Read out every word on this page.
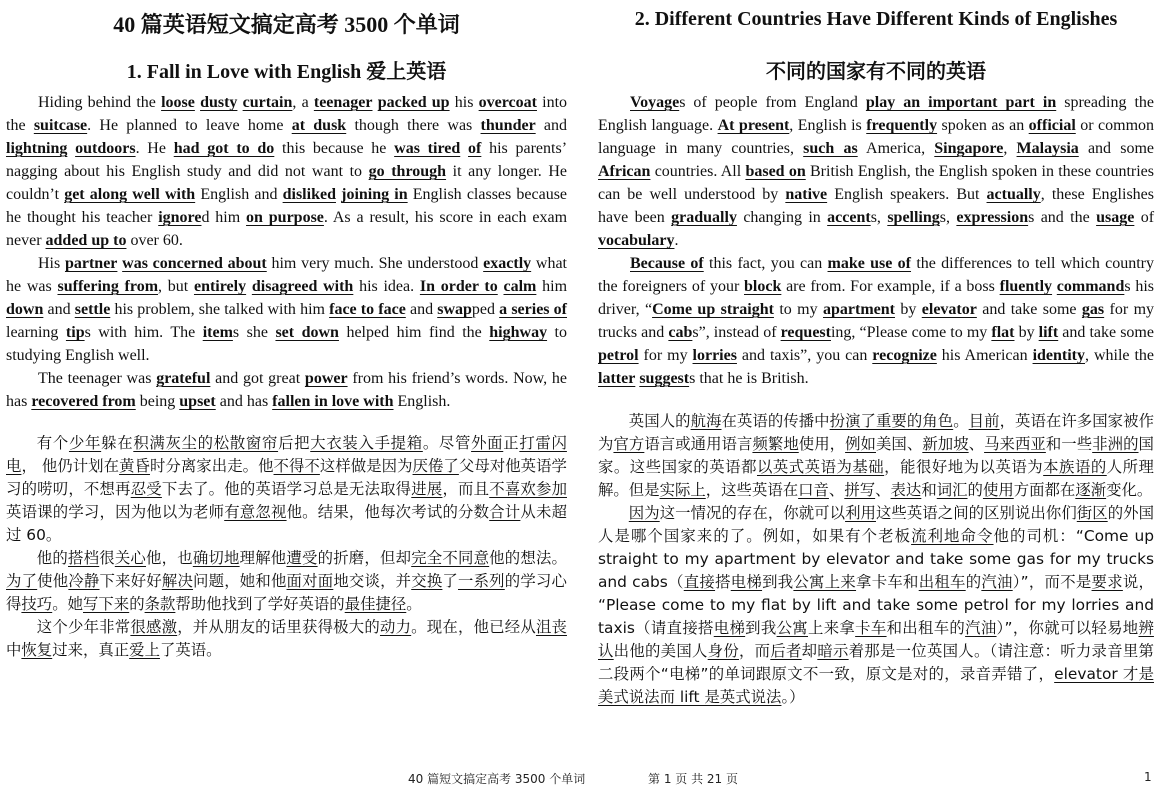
40 篇英语短文搞定高考 3500 个单词
1. Fall in Love with English 爱上英语
2. Different Countries Have Different Kinds of Englishes
不同的国家有不同的英语

Hiding behind the loose dusty curtain, a teenager packed up his overcoat into the suitcase. He planned to leave home at dusk though there was thunder and lightning outdoors. He had got to do this because he was tired of his parents’ nagging about his English study and did not want to go through it any longer. He couldn’t get along well with English and disliked joining in English classes because he thought his teacher ignored him on purpose. As a result, his score in each exam never added up to over 60.

His partner was concerned about him very much. She understood exactly what he was suffering from, but entirely disagreed with his idea. In order to calm him down and settle his problem, she talked with him face to face and swapped a series of learning tips with him. The items she set down helped him find the highway to studying English well.

The teenager was grateful and got great power from his friend’s words. Now, he has recovered from being upset and has fallen in love with English.

有个少年躲在积满灰尘的松散窗帘后把大衣装入手提箱。尽管外面正打雷闪电， 他仍计划在黄昏时分离家出走。他不得不这样做是因为厌倦了父母对他英语学习的唠叨，不想再忍受下去了。他的英语学习总是无法取得进展，而且不喜欢参加英语课的学习，因为他以为老师有意忽视他。结果，他每次考试的分数合计从未超过 60。

他的搭档很关心他，也确切地理解他遭受的折磨，但却完全不同意他的想法。为了使他冷静下来好好解决问题，她和他面对面地交谈，并交换了一系列的学习心得技巧。她写下来的条款帮助他找到了学好英语的最佳捷径。

这个少年非常很感激，并从朋友的话里获得极大的动力。现在，他已经从沮丧中恢复过来，真正爱上了英语。

Voyages of people from England play an important part in spreading the English language. At present, English is frequently spoken as an official or common language in many countries, such as America, Singapore, Malaysia and some African countries. All based on British English, the English spoken in these countries can be well understood by native English speakers. But actually, these Englishes have been gradually changing in accents, spellings, expressions and the usage of vocabulary.

Because of this fact, you can make use of the differences to tell which country the foreigners of your block are from. For example, if a boss fluently commands his driver, “Come up straight to my apartment by elevator and take some gas for my trucks and cabs”, instead of requesting, “Please come to my flat by lift and take some petrol for my lorries and taxis”, you can recognize his American identity, while the latter suggests that he is British.

英国人的航海在英语的传播中扮演了重要的角色。目前，英语在许多国家被作为官方语言或通用语言频繁地使用，例如美国、新加坡、马来西亚和一些非洲的国家。这些国家的英语都以英式英语为基础，能很好地为以英语为本族语的人所理解。但是实际上，这些英语在口音、拼写、表达和词汇的使用方面都在逐渐变化。

因为这一情况的存在，你就可以利用这些英语之间的区别说出你们街区的外国人是哪个国家来的了。例如，如果有个老板流利地命令他的司机：“Come up straight to my apartment by elevator and take some gas for my trucks and cabs（直接搭电梯到我公寓上来拿卡车和出租车的汽油）”，而不是要求说， “Please come to my flat by lift and take some petrol for my lorries and taxis（请直接搭电梯到我公寓上来拿卡车和出租车的汽油）”，你就可以轻易地辨认出他的美国人身份，而后者却暗示着那是一位英国人。（请注意：听力录音里第二段两个“电梯”的单词跟原文不一致，原文是对的，录音弄错了，elevator 才是美式说法而 lift 是英式说法。）

40 篇短文搞定高考 3500 个单词	第 1 页 共 21 页	1
